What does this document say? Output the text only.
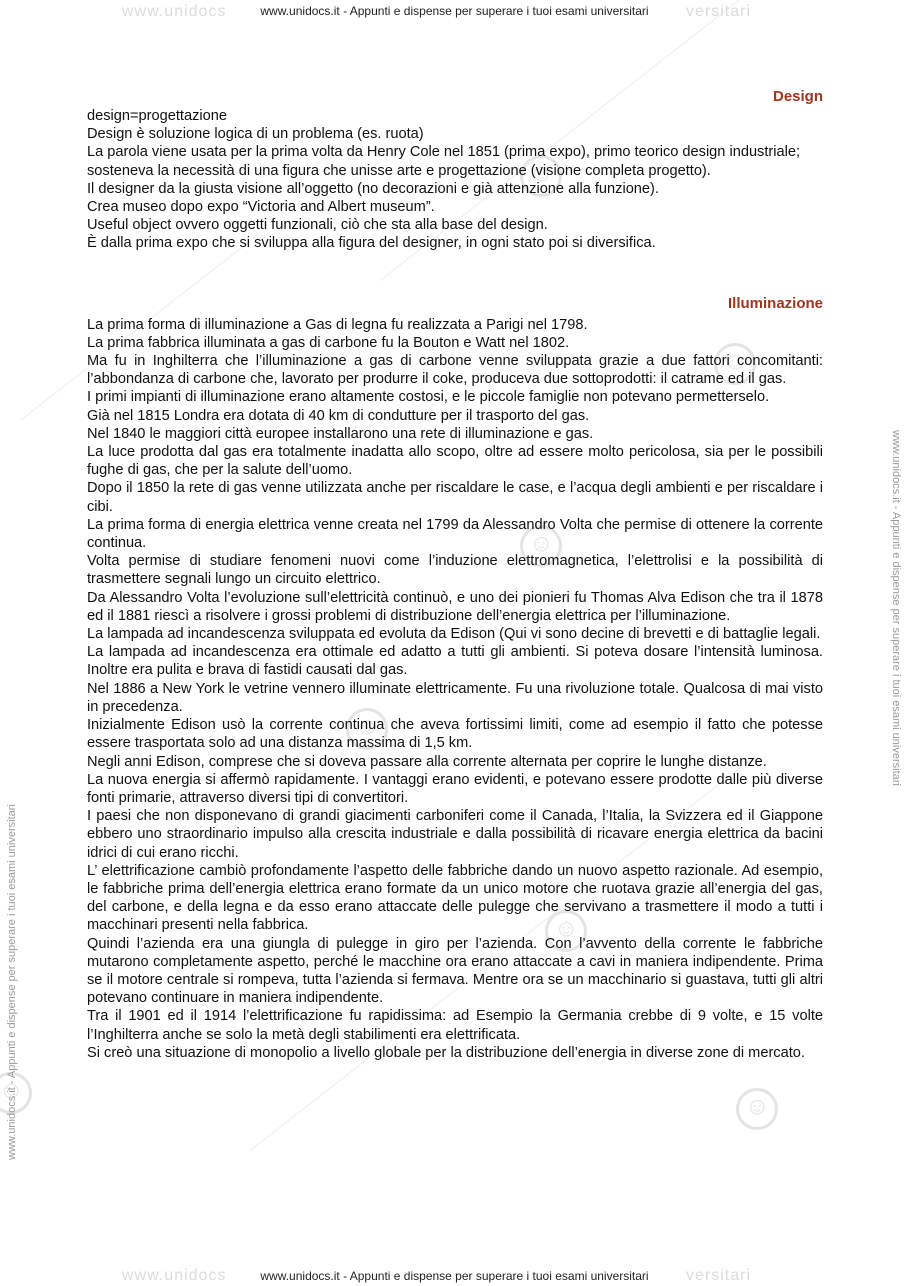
☺
☺
☺
☺
☺
☺
☺
www.unidocs	versitari
www.unidocs.it - Appunti e dispense per superare i tuoi esami universitari
www.unidocs	versitari
www.unidocs.it - Appunti e dispense per superare i tuoi esami universitari
www.unidocs.it - Appunti e dispense per superare i tuoi esami universitari
www.unidocs.it - Appunti e dispense per superare i tuoi esami universitari
Design

design=progettazione

Design è soluzione logica di un problema (es. ruota)

La parola viene usata per la prima volta da Henry Cole nel 1851 (prima expo), primo teorico design industriale; sosteneva la necessità di una figura che unisse arte e progettazione (visione completa progetto).

Il designer da la giusta visione all’oggetto (no decorazioni e già attenzione alla funzione).

Crea museo dopo expo “Victoria and Albert museum”.

Useful object ovvero oggetti funzionali, ciò che sta alla base del design.

È dalla prima expo che si sviluppa alla figura del designer, in ogni stato poi si diversifica.

Illuminazione

La prima forma di illuminazione a Gas di legna fu realizzata a Parigi nel 1798.

La prima fabbrica illuminata a gas di carbone fu la Bouton e Watt nel 1802.

Ma fu in Inghilterra che l’illuminazione a gas di carbone venne sviluppata grazie a due fattori concomitanti: l’abbondanza di carbone che, lavorato per produrre il coke, produceva due sottoprodotti: il catrame ed il gas.

I primi impianti di illuminazione erano altamente costosi, e le piccole famiglie non potevano permetterselo.

Già nel 1815 Londra era dotata di 40 km di condutture per il trasporto del gas.

Nel 1840 le maggiori città europee installarono una rete di illuminazione e gas.

La luce prodotta dal gas era totalmente inadatta allo scopo, oltre ad essere molto pericolosa, sia per le possibili fughe di gas, che per la salute dell’uomo.

Dopo il 1850 la rete di gas venne utilizzata anche per riscaldare le case, e l’acqua degli ambienti e per riscaldare i cibi.

La prima forma di energia elettrica venne creata nel 1799 da Alessandro Volta che permise di ottenere la corrente continua.

Volta permise di studiare fenomeni nuovi come l’induzione elettromagnetica, l’elettrolisi e la possibilità di trasmettere segnali lungo un circuito elettrico.

Da Alessandro Volta l’evoluzione sull’elettricità continuò, e uno dei pionieri fu Thomas Alva Edison che tra il 1878 ed il 1881 riescì a risolvere i grossi problemi di distribuzione dell’energia elettrica per l’illuminazione.

La lampada ad incandescenza sviluppata ed evoluta da Edison (Qui vi sono decine di brevetti e di battaglie legali.

La lampada ad incandescenza era ottimale ed adatto a tutti gli ambienti. Si poteva dosare l’intensità luminosa. Inoltre era pulita e brava di fastidi causati dal gas.

Nel 1886 a New York le vetrine vennero illuminate elettricamente. Fu una rivoluzione totale. Qualcosa di mai visto in precedenza.

Inizialmente Edison usò la corrente continua che aveva fortissimi limiti, come ad esempio il fatto che potesse essere trasportata solo ad una distanza massima di 1,5 km.

Negli anni Edison, comprese che si doveva passare alla corrente alternata per coprire le lunghe distanze.

La nuova energia si affermò rapidamente. I vantaggi erano evidenti, e potevano essere prodotte dalle più diverse fonti primarie, attraverso diversi tipi di convertitori.

I paesi che non disponevano di grandi giacimenti carboniferi come il Canada, l’Italia, la Svizzera ed il Giappone ebbero uno straordinario impulso alla crescita industriale e dalla possibilità di ricavare energia elettrica da bacini idrici di cui erano ricchi.

L’ elettrificazione cambiò profondamente l’aspetto delle fabbriche dando un nuovo aspetto razionale. Ad esempio, le fabbriche prima dell’energia elettrica erano formate da un unico motore che ruotava grazie all’energia del gas, del carbone, e della legna e da esso erano attaccate delle pulegge che servivano a trasmettere il modo a tutti i macchinari presenti nella fabbrica.

Quindi l’azienda era una giungla di pulegge in giro per l’azienda. Con l’avvento della corrente le fabbriche mutarono completamente aspetto, perché le macchine ora erano attaccate a cavi in maniera indipendente. Prima se il motore centrale si rompeva, tutta l’azienda si fermava. Mentre ora se un macchinario si guastava, tutti gli altri potevano continuare in maniera indipendente.

Tra il 1901 ed il 1914 l’elettrificazione fu rapidissima: ad Esempio la Germania crebbe di 9 volte, e 15 volte l’Inghilterra anche se solo la metà degli stabilimenti era elettrificata.

Si creò una situazione di monopolio a livello globale per la distribuzione dell’energia in diverse zone di mercato.
